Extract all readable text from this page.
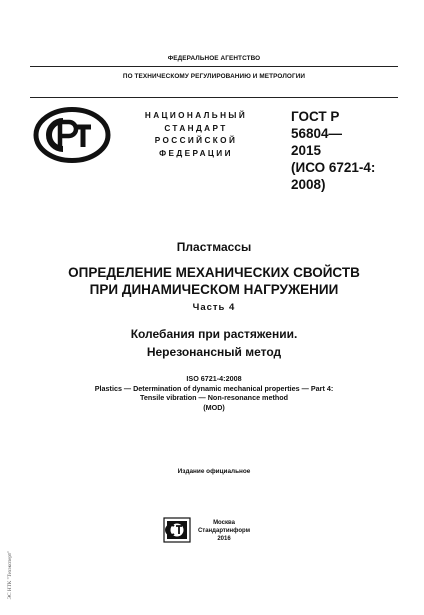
ФЕДЕРАЛЬНОЕ АГЕНТСТВО
ПО ТЕХНИЧЕСКОМУ РЕГУЛИРОВАНИЮ И МЕТРОЛОГИИ
НАЦИОНАЛЬНЫЙ
СТАНДАРТ
РОССИЙСКОЙ
ФЕДЕРАЦИИ
ГОСТ Р
56804—
2015
(ИСО 6721-4:
2008)
Пластмассы
ОПРЕДЕЛЕНИЕ МЕХАНИЧЕСКИХ СВОЙСТВ
ПРИ ДИНАМИЧЕСКОМ НАГРУЖЕНИИ
Часть 4
Колебания при растяжении.
Нерезонансный метод
ISO 6721-4:2008
Plastics — Determination of dynamic mechanical properties — Part 4:
Tensile vibration — Non-resonance method
(MOD)
Издание официальное
Москва
Стандартинформ
2016
ЭС НТК "Техэксперт"
